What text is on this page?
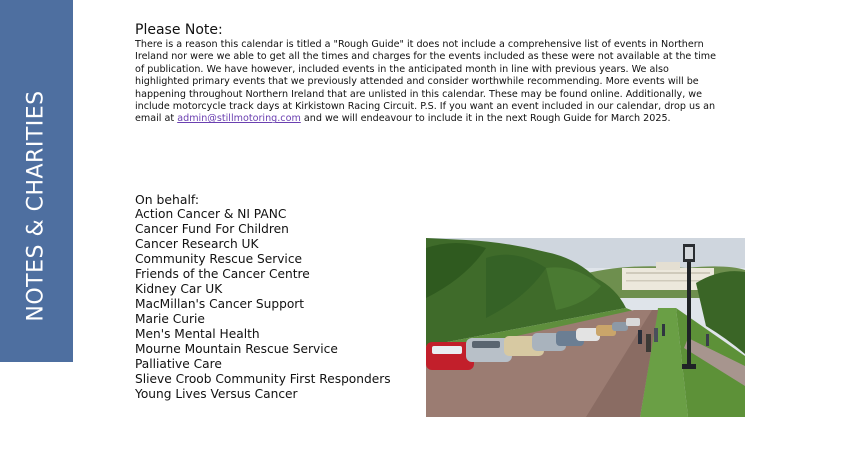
NOTES & CHARITIES
Please Note:

There is a reason this calendar is titled a "Rough Guide" it does not include a comprehensive list of events in Northern Ireland nor were we able to get all the times and charges for the events included as these were not available at the time of publication. We have however, included events in the anticipated month in line with previous years. We also highlighted primary events that we previously attended and consider worthwhile recommending. More events will be happening throughout Northern Ireland that are unlisted in this calendar. These may be found online. Additionally, we include motorcycle track days at Kirkistown Racing Circuit. P.S. If you want an event included in our calendar, drop us an email at admin@stillmotoring.com and we will endeavour to include it in the next Rough Guide for March 2025.

On behalf:
Action Cancer & NI PANC
Cancer Fund For Children
Cancer Research UK
Community Rescue Service
Friends of the Cancer Centre
Kidney Car UK
MacMillan's Cancer Support
Marie Curie
Men's Mental Health
Mourne Mountain Rescue Service
Palliative Care
Slieve Croob Community First Responders
Young Lives Versus Cancer
